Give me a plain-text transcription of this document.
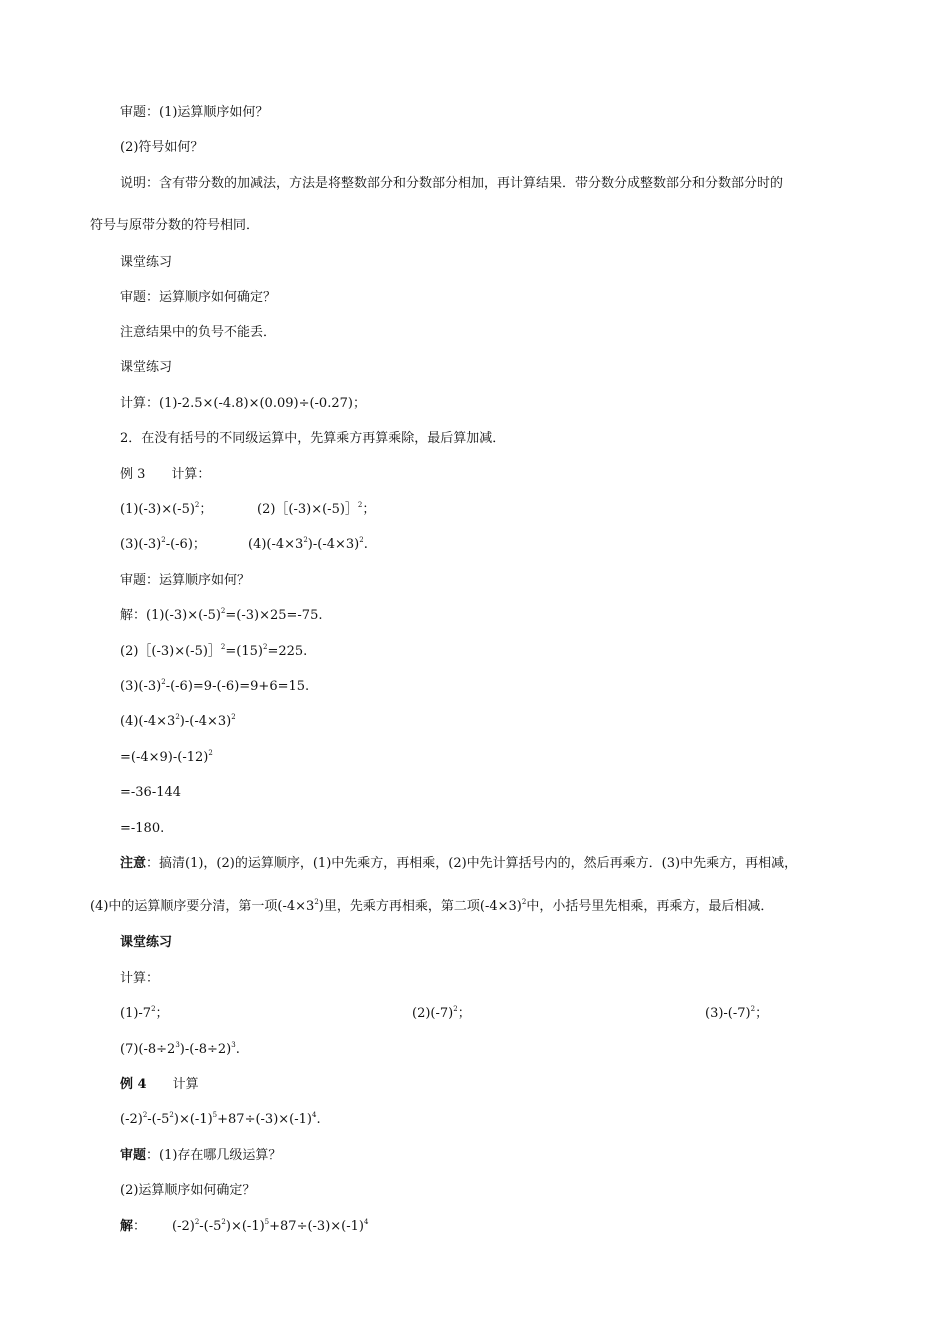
审题：(1)运算顺序如何？
(2)符号如何？
说明：含有带分数的加减法，方法是将整数部分和分数部分相加，再计算结果．带分数分成整数部分和分数部分时的
符号与原带分数的符号相同．
课堂练习
审题：运算顺序如何确定？
注意结果中的负号不能丢．
课堂练习
计算：(1)-2.5×(-4.8)×(0.09)÷(-0.27)；
2．在没有括号的不同级运算中，先算乘方再算乘除，最后算加减．
例 3　　计算：
$(1)(-3)\times(-5)^2$；	(2)［(-3)×(-5)］$^2$；
$(3)(-3)^2-(-6)$；	$(4)(-4\times 3^2)-(-4\times 3)^2$.
审题：运算顺序如何？
解：$(1)(-3)\times(-5)^2=(-3)\times 25=-75$.
$(2)[(-3)\times(-5)]^2=(15)^2=225$.
$(3)(-3)^2-(-6)=9-(-6)=9+6=15$.
$(4)(-4\times 3^2)-(-4\times 3)^2$
$=(-4\times 9)-(-12)^2$
=-36-144
=-180.
注意：搞清(1)，(2)的运算顺序，(1)中先乘方，再相乘，(2)中先计算括号内的，然后再乘方．(3)中先乘方，再相减，
(4)中的运算顺序要分清，第一项$(-4\times 3^2)$里，先乘方再相乘，第二项$(-4\times 3)^2$中，小括号里先相乘，再乘方，最后相减．
课堂练习
计算：
$(1)-7^2$；	$(2)(-7)^2$；	$(3)-(-7)^2$；
$(7)(-8\div 2^3)-(-8\div 2)^3$.
例 4　　计算
$(-2)^2-(-5^2)\times(-1)^5+87\div(-3)\times(-1)^4$.
审题：(1)存在哪几级运算？
(2)运算顺序如何确定？
解： $(-2)^2-(-5^2)\times(-1)^5+87\div(-3)\times(-1)^4$
